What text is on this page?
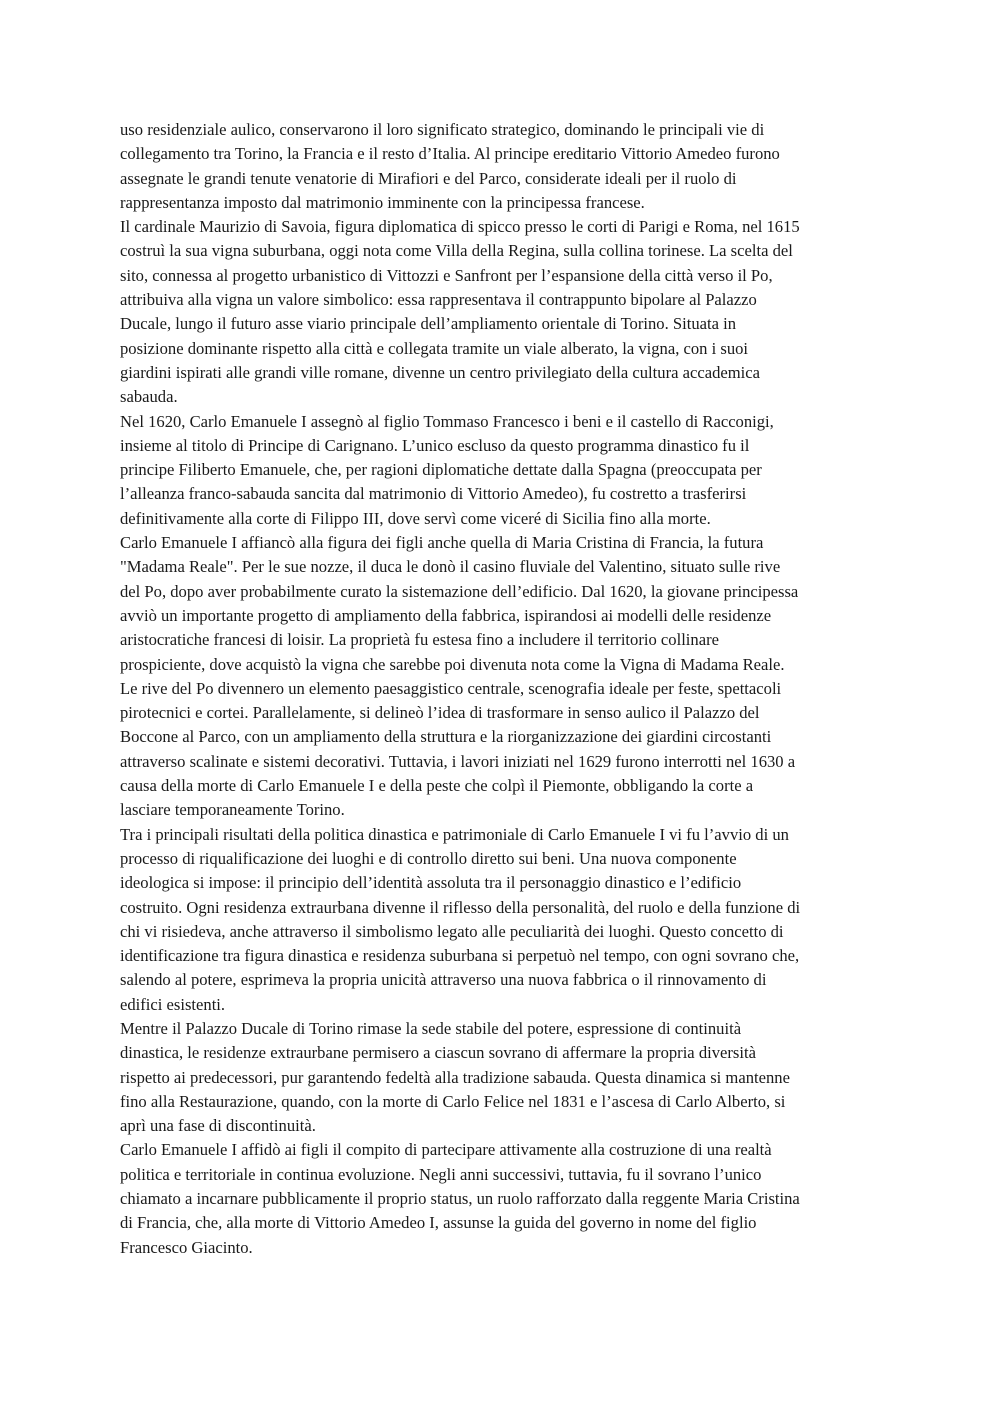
uso residenziale aulico, conservarono il loro significato strategico, dominando le principali vie di
collegamento tra Torino, la Francia e il resto d’Italia. Al principe ereditario Vittorio Amedeo furono
assegnate le grandi tenute venatorie di Mirafiori e del Parco, considerate ideali per il ruolo di
rappresentanza imposto dal matrimonio imminente con la principessa francese.
Il cardinale Maurizio di Savoia, figura diplomatica di spicco presso le corti di Parigi e Roma, nel 1615
costruì la sua vigna suburbana, oggi nota come Villa della Regina, sulla collina torinese. La scelta del
sito, connessa al progetto urbanistico di Vittozzi e Sanfront per l’espansione della città verso il Po,
attribuiva alla vigna un valore simbolico: essa rappresentava il contrappunto bipolare al Palazzo
Ducale, lungo il futuro asse viario principale dell’ampliamento orientale di Torino. Situata in
posizione dominante rispetto alla città e collegata tramite un viale alberato, la vigna, con i suoi
giardini ispirati alle grandi ville romane, divenne un centro privilegiato della cultura accademica
sabauda.
Nel 1620, Carlo Emanuele I assegnò al figlio Tommaso Francesco i beni e il castello di Racconigi,
insieme al titolo di Principe di Carignano. L’unico escluso da questo programma dinastico fu il
principe Filiberto Emanuele, che, per ragioni diplomatiche dettate dalla Spagna (preoccupata per
l’alleanza franco-sabauda sancita dal matrimonio di Vittorio Amedeo), fu costretto a trasferirsi
definitivamente alla corte di Filippo III, dove servì come viceré di Sicilia fino alla morte.
Carlo Emanuele I affiancò alla figura dei figli anche quella di Maria Cristina di Francia, la futura
"Madama Reale". Per le sue nozze, il duca le donò il casino fluviale del Valentino, situato sulle rive
del Po, dopo aver probabilmente curato la sistemazione dell’edificio. Dal 1620, la giovane principessa
avviò un importante progetto di ampliamento della fabbrica, ispirandosi ai modelli delle residenze
aristocratiche francesi di loisir. La proprietà fu estesa fino a includere il territorio collinare
prospiciente, dove acquistò la vigna che sarebbe poi divenuta nota come la Vigna di Madama Reale.
Le rive del Po divennero un elemento paesaggistico centrale, scenografia ideale per feste, spettacoli
pirotecnici e cortei. Parallelamente, si delineò l’idea di trasformare in senso aulico il Palazzo del
Boccone al Parco, con un ampliamento della struttura e la riorganizzazione dei giardini circostanti
attraverso scalinate e sistemi decorativi. Tuttavia, i lavori iniziati nel 1629 furono interrotti nel 1630 a
causa della morte di Carlo Emanuele I e della peste che colpì il Piemonte, obbligando la corte a
lasciare temporaneamente Torino.
Tra i principali risultati della politica dinastica e patrimoniale di Carlo Emanuele I vi fu l’avvio di un
processo di riqualificazione dei luoghi e di controllo diretto sui beni. Una nuova componente
ideologica si impose: il principio dell’identità assoluta tra il personaggio dinastico e l’edificio
costruito. Ogni residenza extraurbana divenne il riflesso della personalità, del ruolo e della funzione di
chi vi risiedeva, anche attraverso il simbolismo legato alle peculiarità dei luoghi. Questo concetto di
identificazione tra figura dinastica e residenza suburbana si perpetuò nel tempo, con ogni sovrano che,
salendo al potere, esprimeva la propria unicità attraverso una nuova fabbrica o il rinnovamento di
edifici esistenti.
Mentre il Palazzo Ducale di Torino rimase la sede stabile del potere, espressione di continuità
dinastica, le residenze extraurbane permisero a ciascun sovrano di affermare la propria diversità
rispetto ai predecessori, pur garantendo fedeltà alla tradizione sabauda. Questa dinamica si mantenne
fino alla Restaurazione, quando, con la morte di Carlo Felice nel 1831 e l’ascesa di Carlo Alberto, si
aprì una fase di discontinuità.
Carlo Emanuele I affidò ai figli il compito di partecipare attivamente alla costruzione di una realtà
politica e territoriale in continua evoluzione. Negli anni successivi, tuttavia, fu il sovrano l’unico
chiamato a incarnare pubblicamente il proprio status, un ruolo rafforzato dalla reggente Maria Cristina
di Francia, che, alla morte di Vittorio Amedeo I, assunse la guida del governo in nome del figlio
Francesco Giacinto.
